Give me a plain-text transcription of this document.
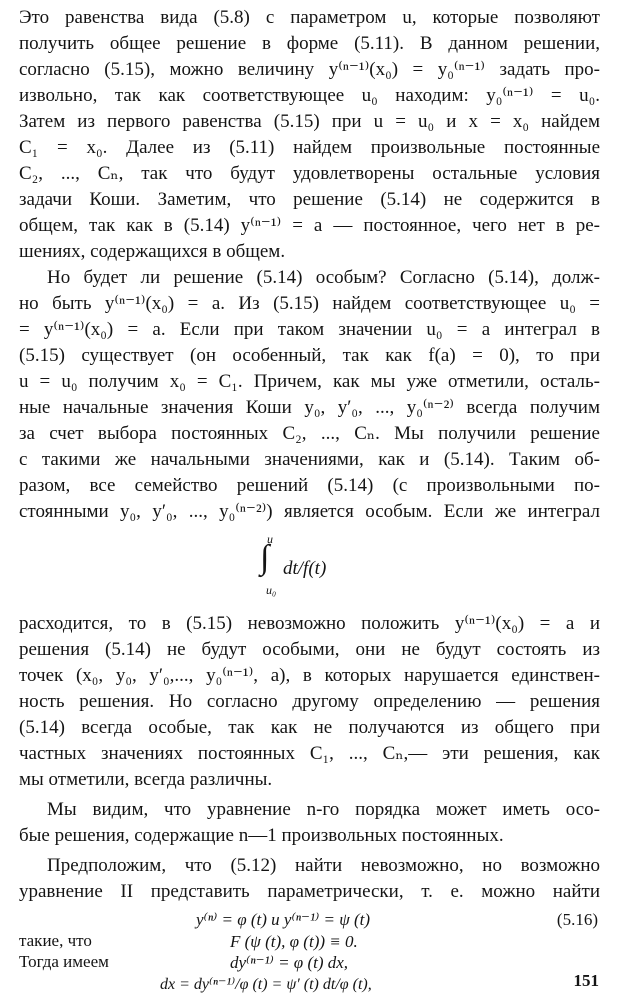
Это равенства вида (5.8) с параметром u, которые позволяют
получить общее решение в форме (5.11). В данном решении,
согласно (5.15), можно величину y⁽ⁿ⁻¹⁾(x₀) = y₀⁽ⁿ⁻¹⁾ задать про-
извольно, так как соответствующее u₀ находим: y₀⁽ⁿ⁻¹⁾ = u₀.
Затем из первого равенства (5.15) при u = u₀ и x = x₀ найдем
C₁ = x₀. Далее из (5.11) найдем произвольные постоянные
C₂, ..., Cₙ, так что будут удовлетворены остальные условия
задачи Коши. Заметим, что решение (5.14) не содержится в
общем, так как в (5.14) y⁽ⁿ⁻¹⁾ = a — постоянное, чего нет в ре-
шениях, содержащихся в общем.
Но будет ли решение (5.14) особым? Согласно (5.14), долж-
но быть y⁽ⁿ⁻¹⁾(x₀) = a. Из (5.15) найдем соответствующее u₀ =
= y⁽ⁿ⁻¹⁾(x₀) = a. Если при таком значении u₀ = a интеграл в
(5.15) существует (он особенный, так как f(a) = 0), то при
u = u₀ получим x₀ = C₁. Причем, как мы уже отметили, осталь-
ные начальные значения Коши y₀, y′₀, ..., y₀⁽ⁿ⁻²⁾ всегда получим
за счет выбора постоянных C₂, ..., Cₙ. Мы получили решение
с такими же начальными значениями, как и (5.14). Таким об-
разом, все семейство решений (5.14) (с произвольными по-
стоянными y₀, y′₀, ..., y₀⁽ⁿ⁻²⁾) является особым. Если же интеграл
u
∫
u₀
dt/f(t)
расходится, то в (5.15) невозможно положить y⁽ⁿ⁻¹⁾(x₀) = a и
решения (5.14) не будут особыми, они не будут состоять из
точек (x₀, y₀, y′₀,..., y₀⁽ⁿ⁻¹⁾, a), в которых нарушается единствен-
ность решения. Но согласно другому определению — решения
(5.14) всегда особые, так как не получаются из общего при
частных значениях постоянных C₁, ..., Cₙ,— эти решения, как
мы отметили, всегда различны.
Мы видим, что уравнение n-го порядка может иметь осо-
бые решения, содержащие n—1 произвольных постоянных.
Предположим, что (5.12) найти невозможно, но возможно
уравнение II представить параметрически, т. е. можно найти
y⁽ⁿ⁾ = φ (t) и y⁽ⁿ⁻¹⁾ = ψ (t)	(5.16)
такие, что	F (ψ (t), φ (t)) ≡ 0.
Тогда имеем	dy⁽ⁿ⁻¹⁾ = φ (t) dx,
dx = dy⁽ⁿ⁻¹⁾/φ (t) = ψ′ (t) dt/φ (t),	151
